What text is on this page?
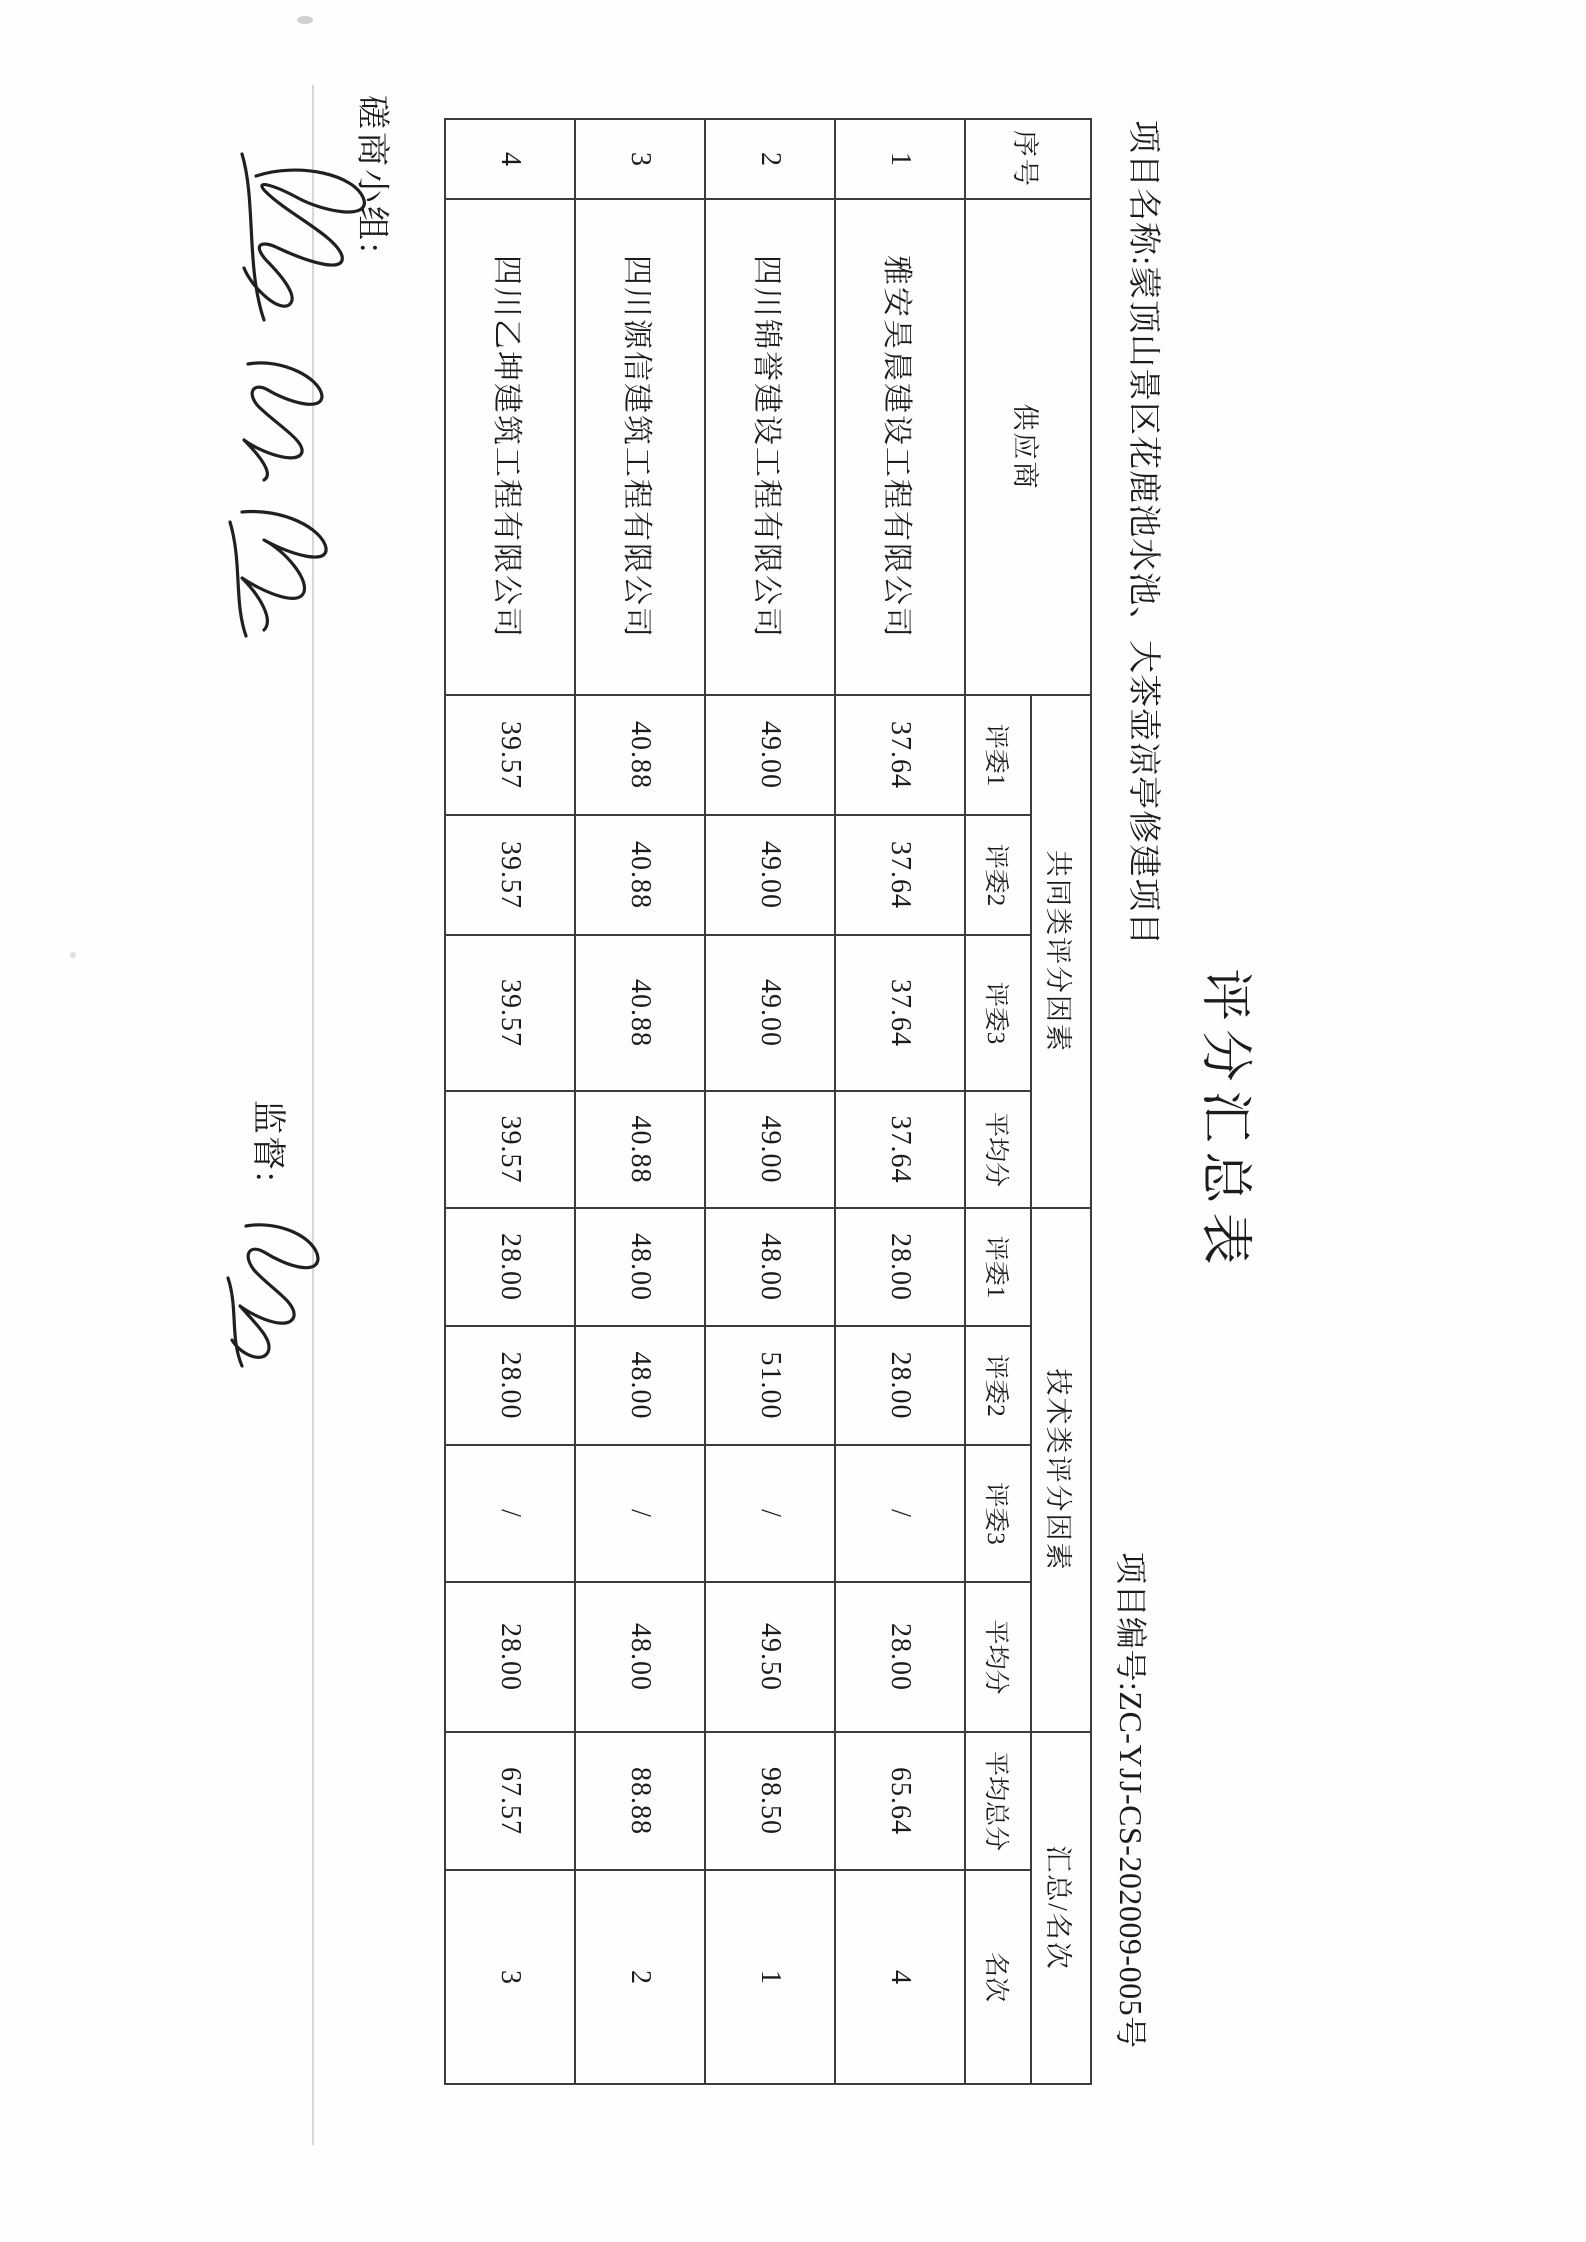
评分汇总表
项目名称:蒙顶山景区花鹿池水池、大茶壶凉亭修建项目
项目编号:ZC-YJJ-CS-202009-005号
序号	供应商	共同类评分因素				技术类评分因素				汇总/名次	
		评委1	评委2	评委3	平均分	评委1	评委2	评委3	平均分	平均总分	名次
1	雅安昊晨建设工程有限公司	37.64	37.64	37.64	37.64	28.00	28.00	/	28.00	65.64	4
2	四川锦誉建设工程有限公司	49.00	49.00	49.00	49.00	48.00	51.00	/	49.50	98.50	1
3	四川源信建筑工程有限公司	40.88	40.88	40.88	40.88	48.00	48.00	/	48.00	88.88	2
4	四川乙坤建筑工程有限公司	39.57	39.57	39.57	39.57	28.00	28.00	/	28.00	67.57	3
磋商小组:
监督:
